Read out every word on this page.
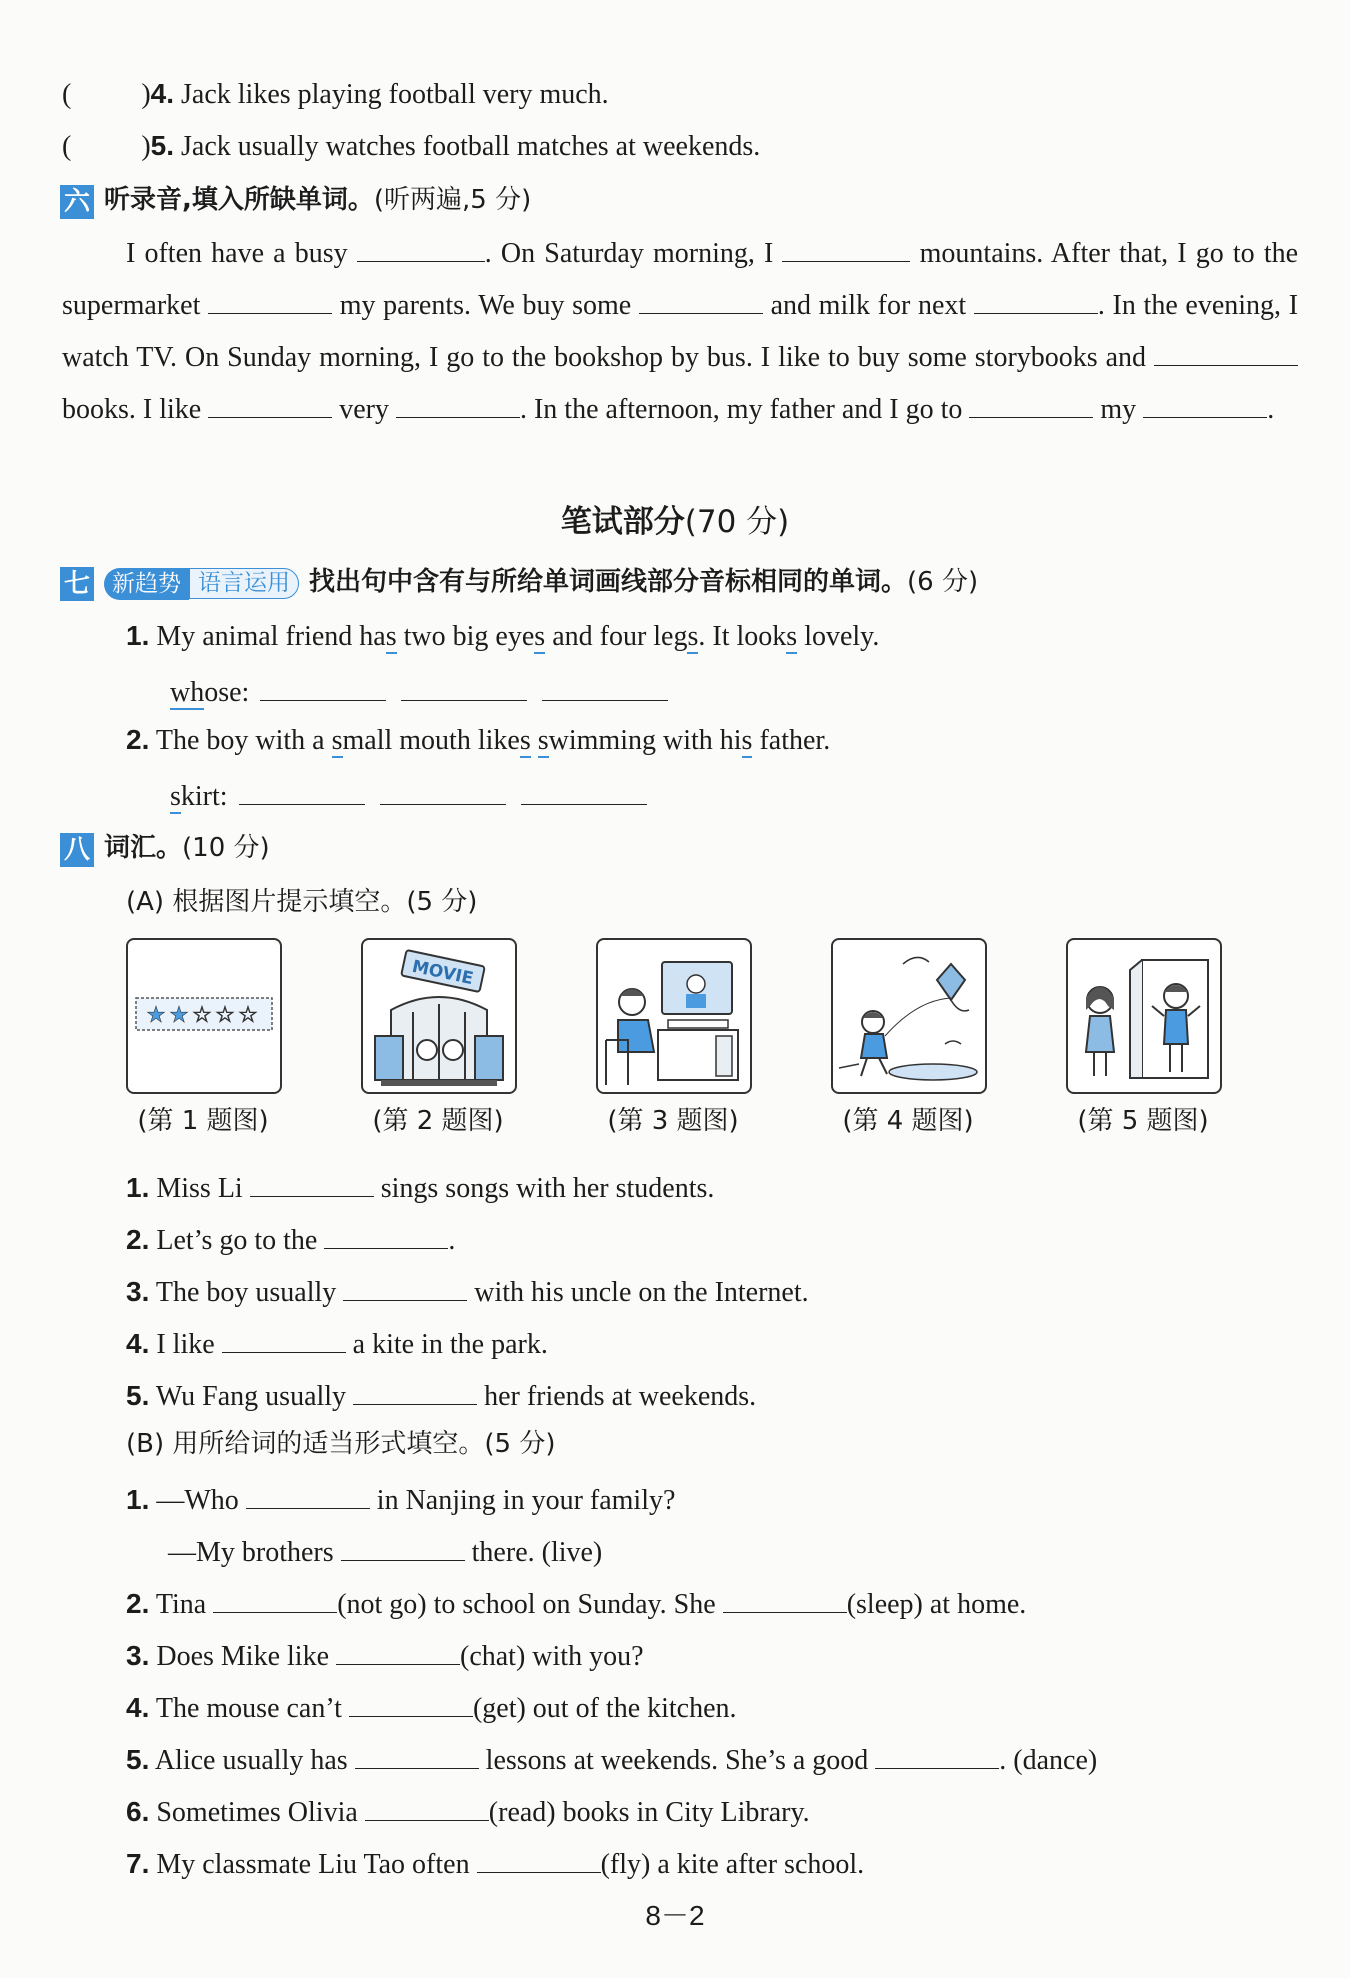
(	)4. Jack likes playing football very much.
(	)5. Jack usually watches football matches at weekends.
六 听录音,填入所缺单词。(听两遍,5 分)
I often have a busy	. On Saturday morning, I	mountains. After that, I go to the supermarket	my parents. We buy some	and milk for next	. In the evening, I watch TV. On Sunday morning, I go to the bookshop by bus. I like to buy some storybooks and  books. I like	very	. In the afternoon, my father and I go to	my	.
笔试部分(70 分)
七 新趋势 语言运用 找出句中含有与所给单词画线部分音标相同的单词。(6 分)
1. My animal friend has two big eyes and four legs. It looks lovely.
whose:
2. The boy with a small mouth likes swimming with his father.
skirt:
八 词汇。(10 分)
(A) 根据图片提示填空。(5 分)
★ ★ ☆ ☆ ☆
MOVIE
(第 1 题图)	(第 2 题图)	(第 3 题图)	(第 4 题图)	(第 5 题图)
1. Miss Li	sings songs with her students.
2. Let’s go to the	.
3. The boy usually	with his uncle on the Internet.
4. I like	a kite in the park.
5. Wu Fang usually	her friends at weekends.
(B) 用所给词的适当形式填空。(5 分)
1. —Who	in Nanjing in your family?
—My brothers	there. (live)
2. Tina	(not go) to school on Sunday. She	(sleep) at home.
3. Does Mike like	(chat) with you?
4. The mouse can’t	(get) out of the kitchen.
5. Alice usually has	lessons at weekends. She’s a good	. (dance)
6. Sometimes Olivia	(read) books in City Library.
7. My classmate Liu Tao often	(fly) a kite after school.
8－2
